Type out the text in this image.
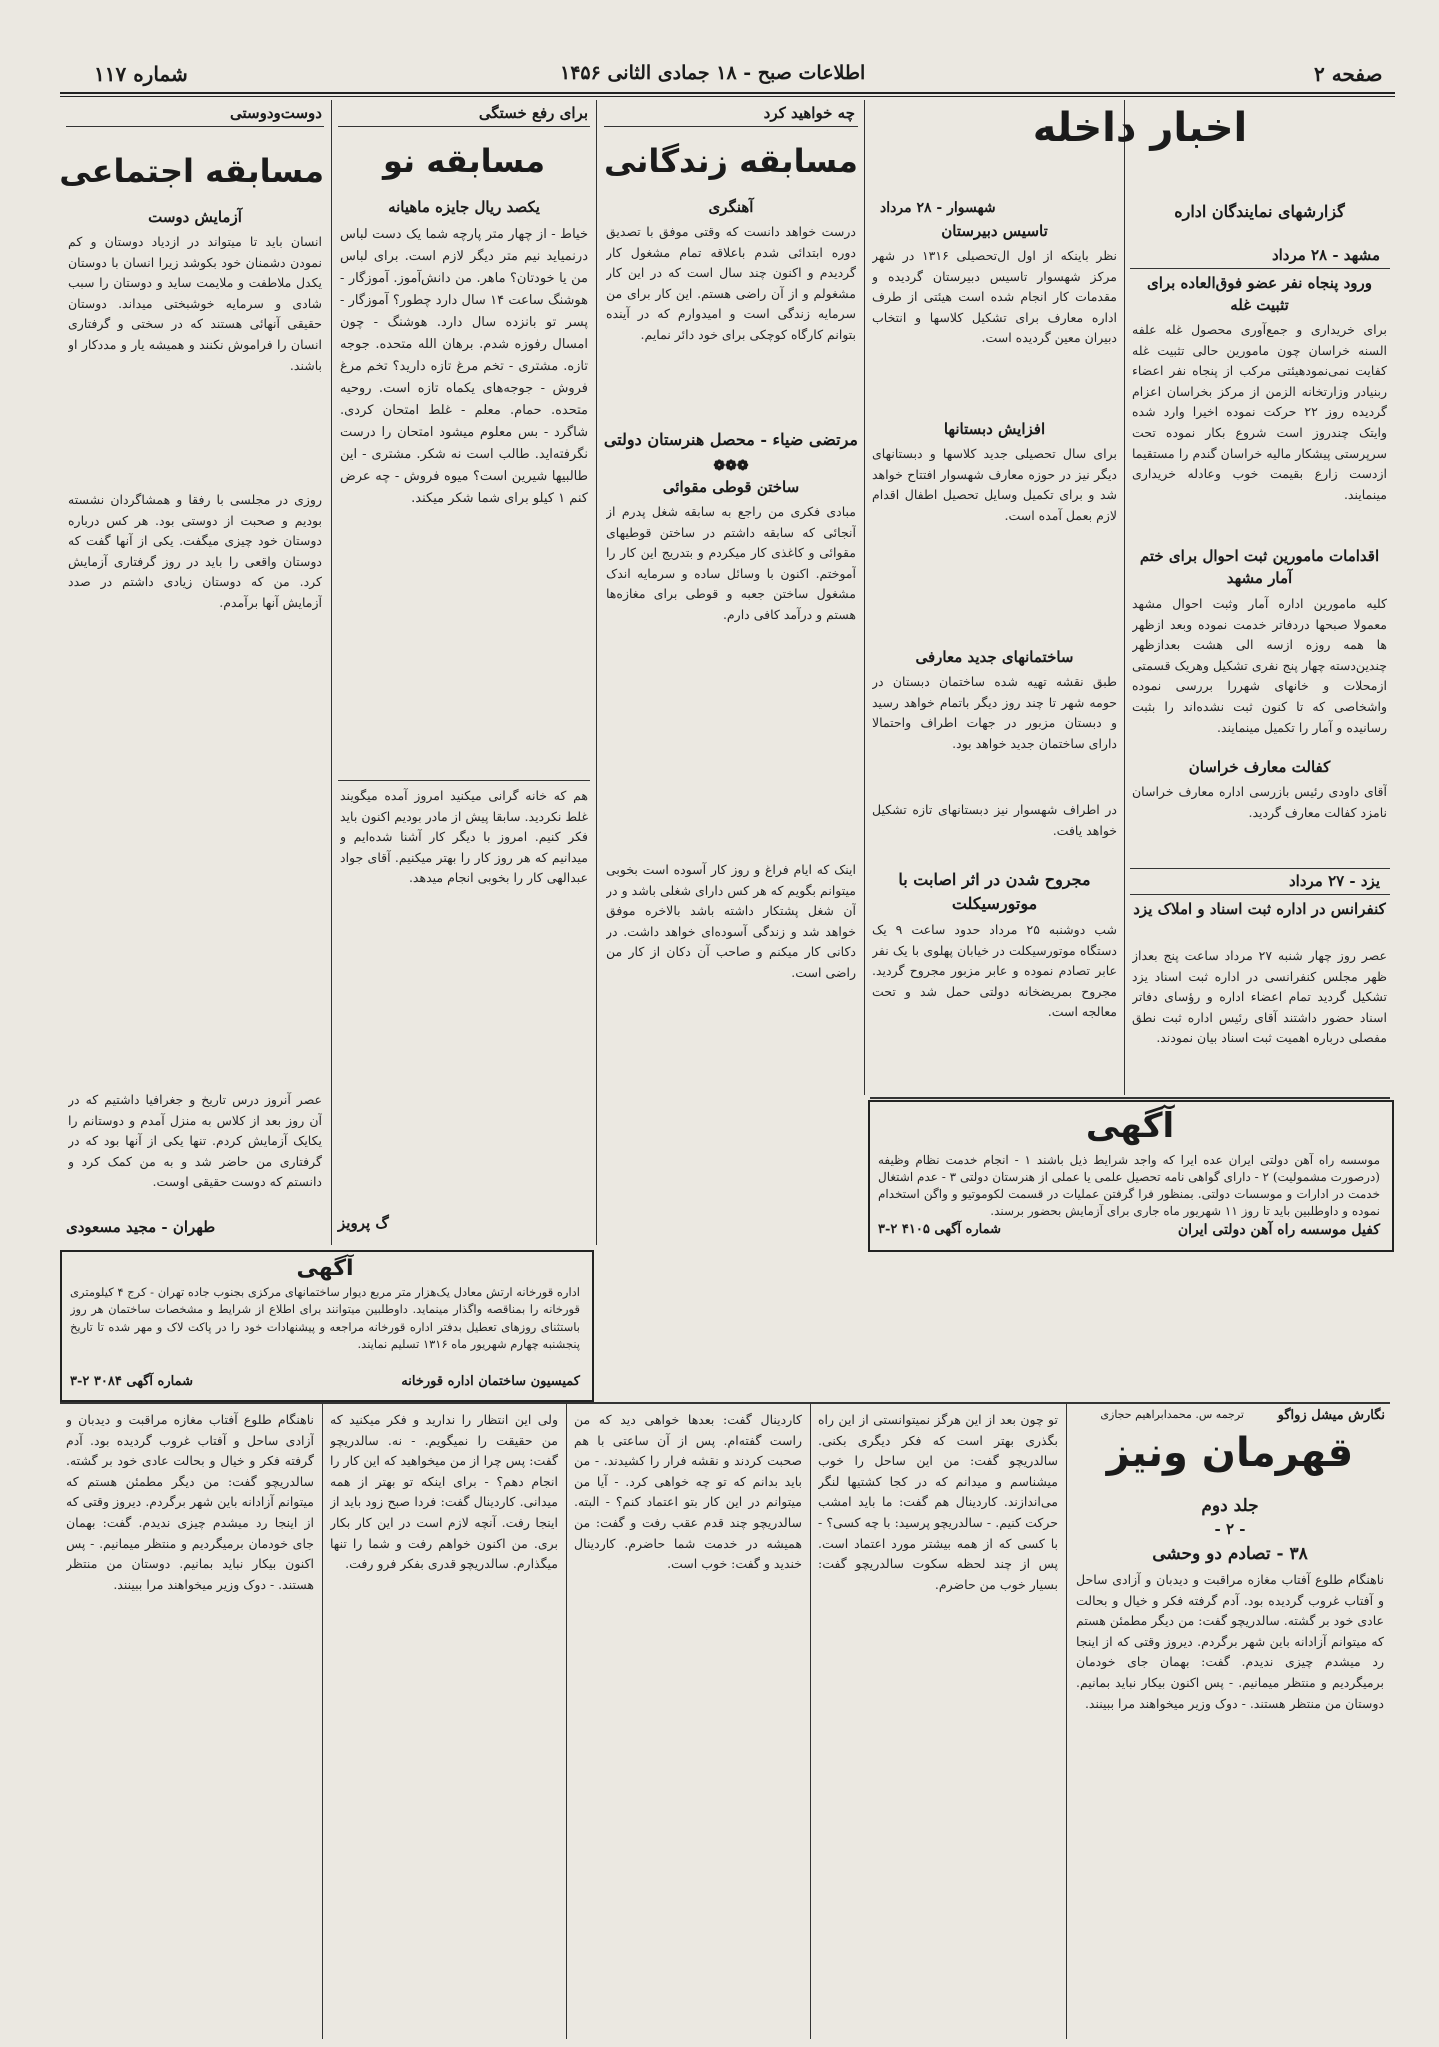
صفحه ۲
اطلاعات صبح - ۱۸ جمادی الثانی ۱۴۵۶
شماره ۱۱۷
اخبار داخله
گزارشهای نمایندگان اداره
مشهد - ۲۸ مرداد
ورود پنجاه نفر عضو فوق‌العاده برای تثبیت غله
برای خریداری و جمع‌آوری محصول غله علفه السنه خراسان چون مامورین حالی تثبیت غله کفایت نمی‌نمودهیئتی مرکب از پنجاه نفر اعضاء ربنیادر وزارتخانه الزمن از مرکز بخراسان اعزام گردیده روز ۲۲ حرکت نموده اخیرا وارد شده وایتک چندروز است شروع بکار نموده تحت سرپرستی پیشکار مالیه خراسان گندم را مستقیما ازدست زارع بقیمت خوب وعادله خریداری مینمایند.
اقدامات مامورین ثبت احوال برای ختم آمار مشهد
کلیه مامورین اداره آمار وثبت احوال مشهد معمولا صبحها دردفاتر خدمت نموده وبعد ازظهر ها همه روزه ازسه الی هشت بعدازظهر چندین‌دسته چهار پنج نفری تشکیل وهریک قسمتی ازمحلات و خانهای شهررا بررسی نموده واشخاصی که تا کنون ثبت نشده‌اند را بثبت رسانیده و آمار را تکمیل مینمایند.
کفالت معارف خراسان
آقای داودی رئیس بازرسی اداره معارف خراسان نامزد کفالت معارف گردید.
یزد - ۲۷ مرداد
کنفرانس در اداره ثبت اسناد و املاک یزد
عصر روز چهار شنبه ۲۷ مرداد ساعت پنج بعداز ظهر مجلس کنفرانسی در اداره ثبت اسناد یزد تشکیل گردید تمام اعضاء اداره و رؤسای دفاتر اسناد حضور داشتند آقای رئیس اداره ثبت نطق مفصلی درباره اهمیت ثبت اسناد بیان نمودند.
شهسوار - ۲۸ مرداد
تاسیس دبیرستان
نظر باینکه از اول ال‌تحصیلی ۱۳۱۶ در شهر مرکز شهسوار تاسیس دبیرستان گردیده و مقدمات کار انجام شده است هیئتی از طرف اداره معارف برای تشکیل کلاسها و انتخاب دبیران معین گردیده است.
افزایش دبستانها
برای سال تحصیلی جدید کلاسها و دبستانهای دیگر نیز در حوزه معارف شهسوار افتتاح خواهد شد و برای تکمیل وسایل تحصیل اطفال اقدام لازم بعمل آمده است.
ساختمانهای جدید معارفی
طبق نقشه تهیه شده ساختمان دبستان در حومه شهر تا چند روز دیگر باتمام خواهد رسید و دبستان مزبور در جهات اطراف واحتمالا دارای ساختمان جدید خواهد بود.
در اطراف شهسوار نیز دبستانهای تازه تشکیل خواهد یافت.
مجروح شدن در اثر اصابت با موتورسیکلت
شب دوشنبه ۲۵ مرداد حدود ساعت ۹ یک دستگاه موتورسیکلت در خیابان پهلوی با یک نفر عابر تصادم نموده و عابر مزبور مجروح گردید. مجروح بمریضخانه دولتی حمل شد و تحت معالجه است.
چه خواهید کرد
مسابقه زندگانی
آهنگری
درست خواهد دانست که وقتی موفق با تصدیق دوره ابتدائی شدم باعلاقه تمام مشغول کار گردیدم و اکنون چند سال است که در این کار مشغولم و از آن راضی هستم. این کار برای من سرمایه زندگی است و امیدوارم که در آینده بتوانم کارگاه کوچکی برای خود دائر نمایم.
مرتضی ضیاء - محصل هنرستان دولتی
❁❁❁
ساختن قوطی مقوائی
مبادی فکری من راجع به سابقه شغل پدرم از آنجائی که سابقه داشتم در ساختن قوطیهای مقوائی و کاغذی کار میکردم و بتدریج این کار را آموختم. اکنون با وسائل ساده و سرمایه اندک مشغول ساختن جعبه و قوطی برای مغازه‌ها هستم و درآمد کافی دارم.
اینک که ایام فراغ و روز کار آسوده است بخوبی میتوانم بگویم که هر کس دارای شغلی باشد و در آن شغل پشتکار داشته باشد بالاخره موفق خواهد شد و زندگی آسوده‌ای خواهد داشت. در دکانی کار میکنم و صاحب آن دکان از کار من راضی است.
برای رفع خستگی
مسابقه نو
یکصد ریال جایزه ماهیانه
خیاط - از چهار متر پارچه شما یک دست لباس درنمیاید نیم متر دیگر لازم است. برای لباس من یا خودتان؟ ماهر. من دانش‌آموز. آموزگار - هوشنگ ساعت ۱۴ سال دارد چطور؟ آموزگار - پسر تو بانزده سال دارد. هوشنگ - چون امسال رفوزه شدم. برهان الله متحده. جوجه تازه. مشتری - تخم مرغ تازه دارید؟ تخم مرغ فروش - جوجه‌های یکماه تازه است. روحیه متحده. حمام. معلم - غلط امتحان کردی. شاگرد - بس معلوم میشود امتحان را درست نگرفته‌اید. طالب است نه شکر. مشتری - این طالبیها شیرین است؟ میوه فروش - چه عرض کنم ۱ کیلو برای شما شکر میکند.
هم که خانه گرانی میکنید امروز آمده میگویند غلط نکردید. سابقا پیش از مادر بودیم اکنون باید فکر کنیم. امروز با دیگر کار آشنا شده‌ایم و میدانیم که هر روز کار را بهتر میکنیم. آقای جواد عبدالهی کار را بخوبی انجام میدهد.
گ پرویز
دوست‌ودوستی
مسابقه اجتماعی
آزمایش دوست
انسان باید تا میتواند در ازدیاد دوستان و کم نمودن دشمنان خود بکوشد زیرا انسان با دوستان یکدل ملاطفت و ملایمت ساید و دوستان را سبب شادی و سرمایه خوشبختی میداند. دوستان حقیقی آنهائی هستند که در سختی و گرفتاری انسان را فراموش نکنند و همیشه یار و مددکار او باشند.
روزی در مجلسی با رفقا و همشاگردان نشسته بودیم و صحبت از دوستی بود. هر کس درباره دوستان خود چیزی میگفت. یکی از آنها گفت که دوستان واقعی را باید در روز گرفتاری آزمایش کرد. من که دوستان زیادی داشتم در صدد آزمایش آنها برآمدم.
عصر آنروز درس تاریخ و جغرافیا داشتیم که در آن روز بعد از کلاس به منزل آمدم و دوستانم را یکایک آزمایش کردم. تنها یکی از آنها بود که در گرفتاری من حاضر شد و به من کمک کرد و دانستم که دوست حقیقی اوست.
طهران - مجید مسعودی
آگهی
موسسه راه آهن دولتی ایران عده ایرا که واجد شرایط ذیل باشند ۱ - انجام خدمت نظام وظیفه (درصورت مشمولیت) ۲ - دارای گواهی نامه تحصیل علمی یا عملی از هنرستان دولتی ۳ - عدم اشتغال خدمت در ادارات و موسسات دولتی. بمنظور فرا گرفتن عملیات در قسمت لکوموتیو و واگن استخدام نموده و داوطلبین باید تا روز ۱۱ شهریور ماه جاری برای آزمایش بحضور برسند.
کفیل موسسه راه آهن دولتی ایران
شماره آگهی ۴۱۰۵ ۲-۳
آگهی
اداره قورخانه ارتش معادل یک‌هزار متر مربع دیوار ساختمانهای مرکزی بجنوب جاده تهران - کرج ۴ کیلومتری قورخانه را بمناقصه واگذار مینماید. داوطلبین میتوانند برای اطلاع از شرایط و مشخصات ساختمان هر روز باستثنای روزهای تعطیل بدفتر اداره قورخانه مراجعه و پیشنهادات خود را در پاکت لاک و مهر شده تا تاریخ پنجشنبه چهارم شهریور ماه ۱۳۱۶ تسلیم نمایند.
کمیسیون ساختمان اداره قورخانه
شماره آگهی ۳۰۸۴ ۲-۳
نگارش میشل زواگو
ترجمه س. محمدابراهیم حجازی
قهرمان ونیز
جلد دوم
- ۲ -
۳۸ - تصادم دو وحشی
ناهنگام طلوع آفتاب مغازه مراقبت و دیدبان و آزادی ساحل و آفتاب غروب گردیده بود. آدم گرفته فکر و خیال و بحالت عادی خود بر گشته. سالدریچو گفت: من دیگر مطمئن هستم که میتوانم آزادانه باین شهر برگردم. دیروز وقتی که از اینجا رد میشدم چیزی ندیدم. گفت: بهمان جای خودمان برمیگردیم و منتظر میمانیم. - پس اکنون بیکار نباید بمانیم. دوستان من منتظر هستند. - دوک وزیر میخواهند مرا ببینند.
تو چون بعد از این هرگز نمیتوانستی از این راه بگذری بهتر است که فکر دیگری بکنی. سالدریچو گفت: من این ساحل را خوب میشناسم و میدانم که در کجا کشتیها لنگر می‌اندازند. کاردینال هم گفت: ما باید امشب حرکت کنیم. - سالدریچو پرسید: با چه کسی؟ - با کسی که از همه بیشتر مورد اعتماد است. پس از چند لحظه سکوت سالدریچو گفت: بسیار خوب من حاضرم.
کاردینال گفت: بعدها خواهی دید که من راست گفته‌ام. پس از آن ساعتی با هم صحبت کردند و نقشه فرار را کشیدند. - من باید بدانم که تو چه خواهی کرد. - آیا من میتوانم در این کار بتو اعتماد کنم؟ - البته. سالدریچو چند قدم عقب رفت و گفت: من همیشه در خدمت شما حاضرم. کاردینال خندید و گفت: خوب است.
ولی این انتظار را ندارید و فکر میکنید که من حقیقت را نمیگویم. - نه. سالدریچو گفت: پس چرا از من میخواهید که این کار را انجام دهم؟ - برای اینکه تو بهتر از همه میدانی. کاردینال گفت: فردا صبح زود باید از اینجا رفت. آنچه لازم است در این کار بکار بری. من اکنون خواهم رفت و شما را تنها میگذارم. سالدریچو قدری بفکر فرو رفت.
ناهنگام طلوع آفتاب مغازه مراقبت و دیدبان و آزادی ساحل و آفتاب غروب گردیده بود. آدم گرفته فکر و خیال و بحالت عادی خود بر گشته. سالدریچو گفت: من دیگر مطمئن هستم که میتوانم آزادانه باین شهر برگردم. دیروز وقتی که از اینجا رد میشدم چیزی ندیدم. گفت: بهمان جای خودمان برمیگردیم و منتظر میمانیم. - پس اکنون بیکار نباید بمانیم. دوستان من منتظر هستند. - دوک وزیر میخواهند مرا ببینند.
